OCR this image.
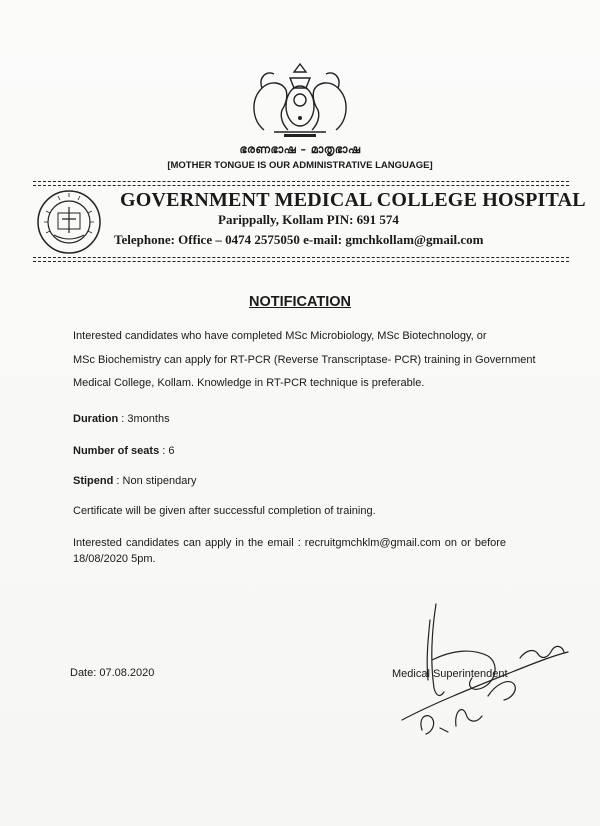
ഭരണഭാഷ – മാതൃഭാഷ
[MOTHER TONGUE IS OUR ADMINISTRATIVE LANGUAGE]
GOVERNMENT MEDICAL COLLEGE HOSPITAL
Parippally, Kollam PIN: 691 574
Telephone: Office – 0474 2575050 e-mail: gmchkollam@gmail.com
NOTIFICATION
Interested candidates who have completed MSc Microbiology, MSc Biotechnology, or
MSc Biochemistry can apply for RT-PCR (Reverse Transcriptase- PCR) training in Government
Medical College, Kollam. Knowledge in RT-PCR technique is preferable.
Duration : 3months
Number of seats : 6
Stipend : Non stipendary
Certificate will be given after successful completion of training.
Interested candidates can apply in the email : recruitgmchklm@gmail.com on or before
18/08/2020 5pm.
Date: 07.08.2020	Medical Superintendent
